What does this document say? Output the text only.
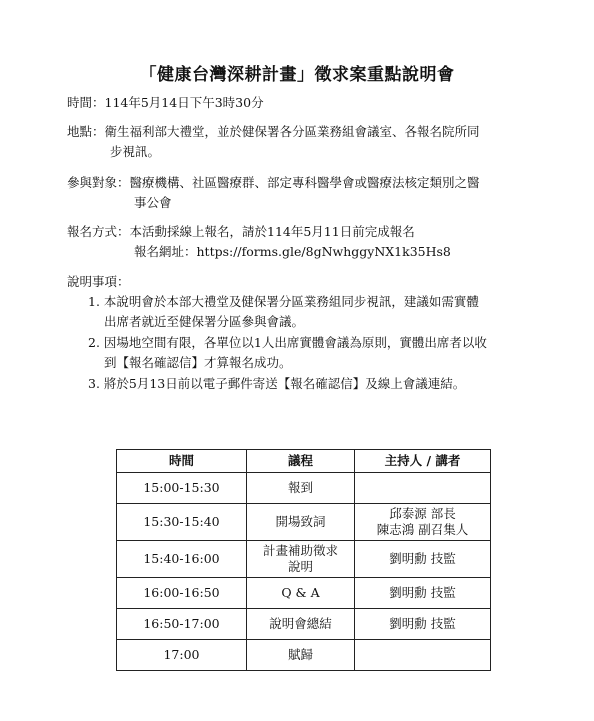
「健康台灣深耕計畫」徵求案重點說明會
時間：114年5月14日下午3時30分
地點：衛生福利部大禮堂，並於健保署各分區業務組會議室、各報名院所同
步視訊。
參與對象：醫療機構、社區醫療群、部定專科醫學會或醫療法核定類別之醫
事公會
報名方式：本活動採線上報名，請於114年5月11日前完成報名
報名網址：https://forms.gle/8gNwhggyNX1k35Hs8
說明事項：
1. 本說明會於本部大禮堂及健保署分區業務組同步視訊，建議如需實體
出席者就近至健保署分區參與會議。
2. 因場地空間有限，各單位以1人出席實體會議為原則，實體出席者以收
到【報名確認信】才算報名成功。
3. 將於5月13日前以電子郵件寄送【報名確認信】及線上會議連結。
時間	議程	主持人 / 講者
15:00-15:30	報到	
15:30-15:40	開場致詞	邱泰源 部長
陳志鴻 副召集人

15:40-16:00	計畫補助徵求
說明	劉明勳 技監
16:00-16:50	Q & A	劉明勳 技監
16:50-17:00	說明會總結	劉明勳 技監
17:00	賦歸	
